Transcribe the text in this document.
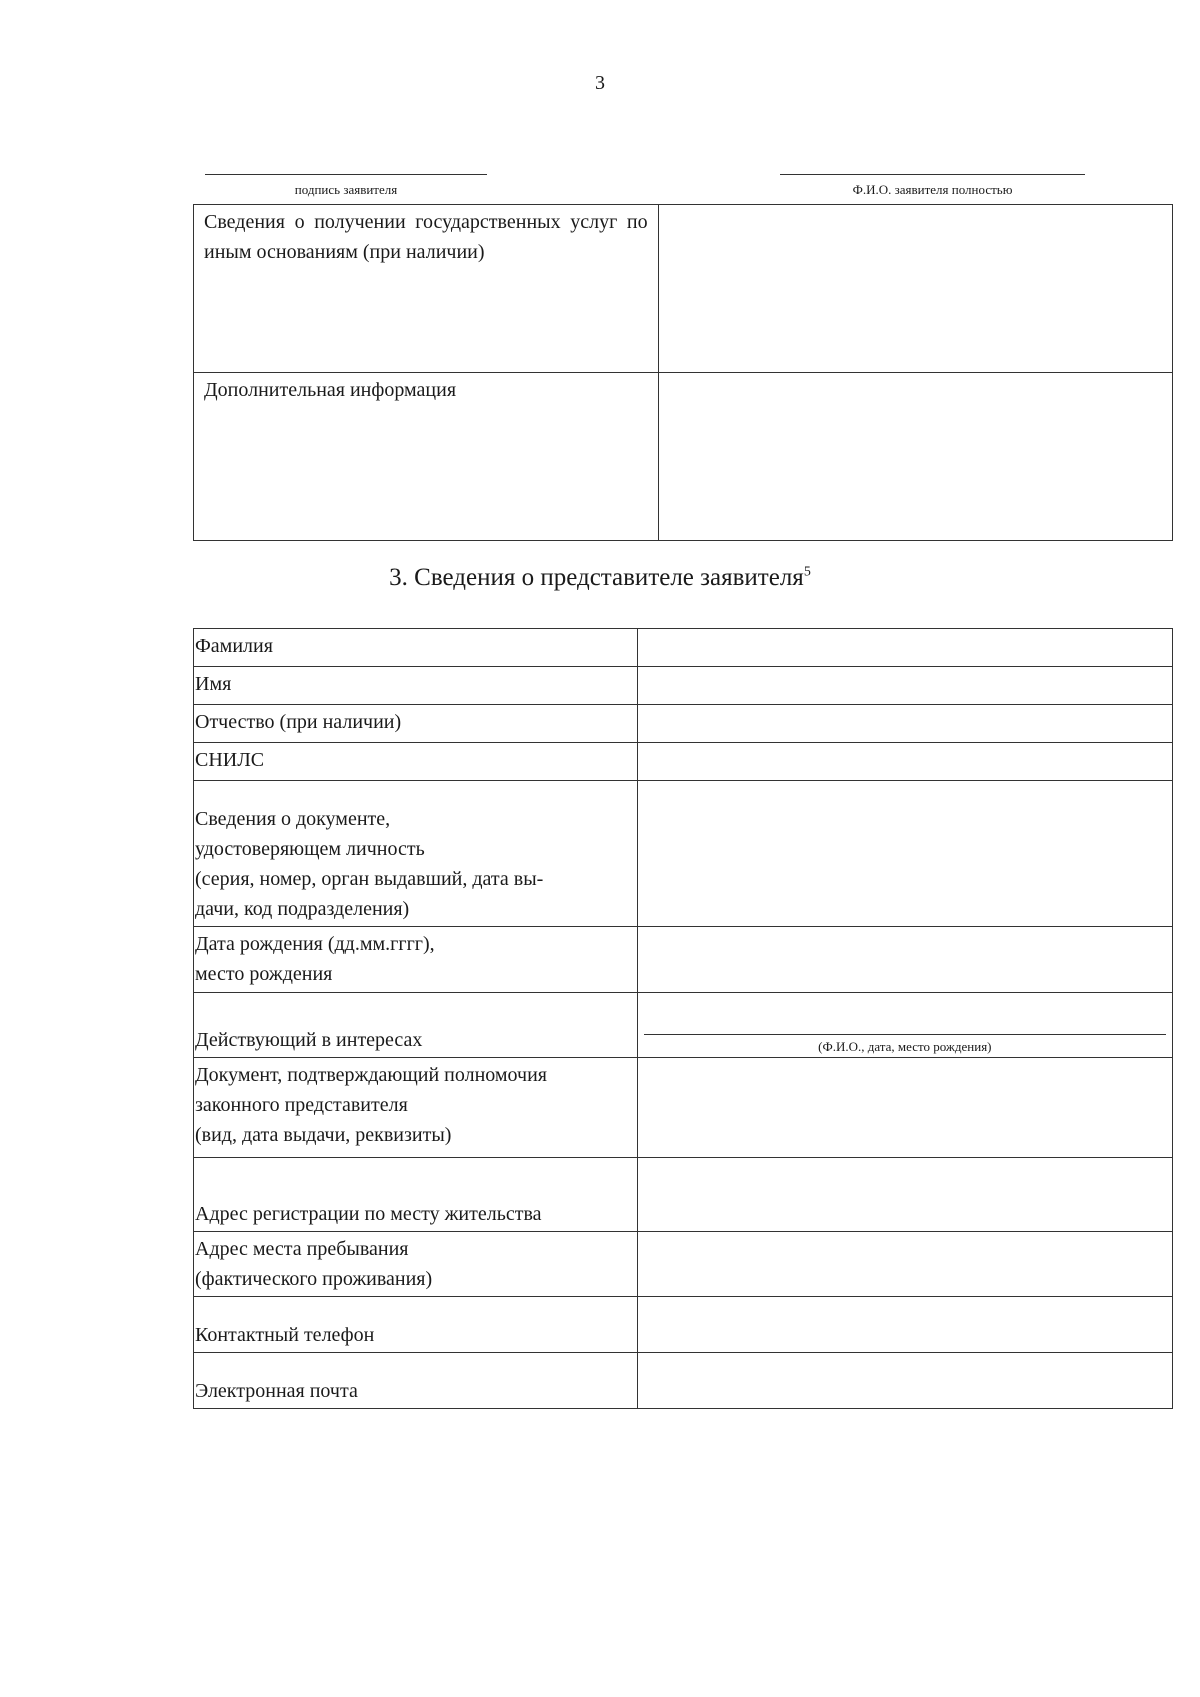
3
подпись заявителя	Ф.И.О. заявителя полностью
Сведения о получении государственных услуг по иным основаниям (при наличии)	
Дополнительная информация	
3. Сведения о представителе заявителя$^5$
Фамилия	
Имя	
Отчество (при наличии)	
СНИЛС	

Сведения о документе,
удостоверяющем личность
(серия, номер, орган выдавший, дата вы-
дачи, код подразделения)	

Дата рождения (дд.мм.гггг),
место рождения	

Действующий в интересах	(Ф.И.О., дата, место рождения)

Документ, подтверждающий полномочия
законного представителя
(вид, дата выдачи, реквизиты)	

Адрес регистрации по месту жительства	

Адрес места пребывания
(фактического проживания)	

Контактный телефон	
Электронная почта	
